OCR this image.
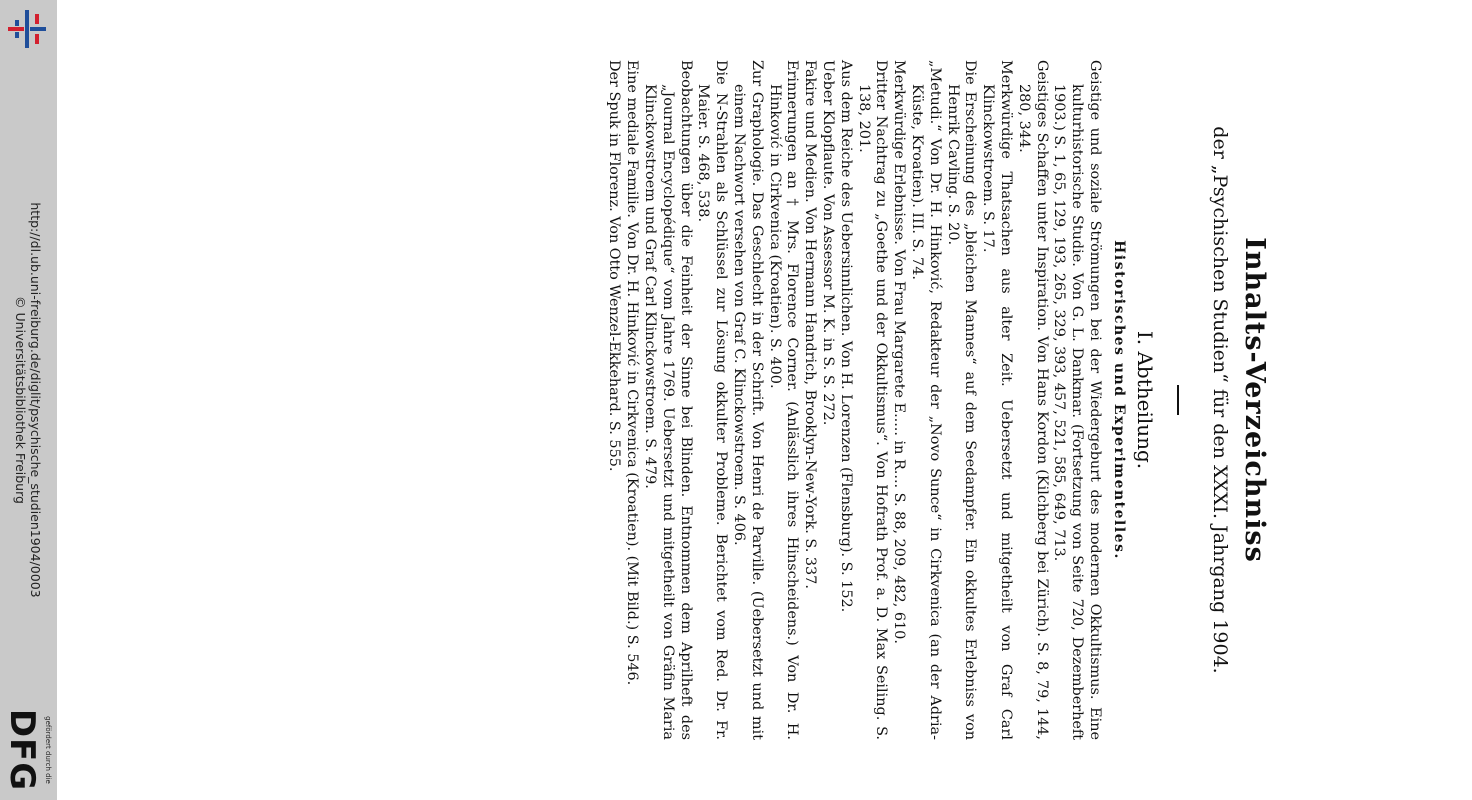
http://dl.ub.uni-freiburg.de/diglit/psychische_studien1904/0003
© Universitätsbibliothek Freiburg
DFG gefördert durch die
Inhalts-Verzeichniss
der „Psychischen Studien“ für den XXXI. Jahrgang 1904.
I. Abtheilung.
Historisches und Experimentelles.
Geistige und soziale Strömungen bei der Wiedergeburt des modernen Okkultismus. Eine kulturhistorische Studie. Von G. L. Dankmar. (Fortsetzung von Seite 720, Dezemberheft 1903.) S. 1, 65, 129, 193, 265, 329, 393, 457, 521, 585, 649, 713.
Geistiges Schaffen unter Inspiration. Von Hans Kordon (Kilchberg bei Zürich). S. 8, 79, 144, 280, 344.
Merkwürdige Thatsachen aus alter Zeit. Uebersetzt und mitgetheilt von Graf Carl Klinckowstroem. S. 17.
Die Erscheinung des „bleichen Mannes“ auf dem Seedampfer. Ein okkultes Erlebniss von Henrik Cavling. S. 20.
„Metudi.“ Von Dr. H. Hinković, Redakteur der „Novo Sunce“ in Cirkvenica (an der Adria-Küste, Kroatien). III. S. 74.
Merkwürdige Erlebnisse. Von Frau Margarete E..... in R.... S. 88, 209, 482, 610.
Dritter Nachtrag zu „Goethe und der Okkultismus“. Von Hofrath Prof. a. D. Max Seiling. S. 138, 201.
Aus dem Reiche des Uebersinnlichen. Von H. Lorenzen (Flensburg). S. 152.
Ueber Klopflaute. Von Assessor M. K. in S. S. 272.
Fakire und Medien. Von Hermann Handrich, Brooklyn-New-York. S. 337.
Erinnerungen an † Mrs. Florence Corner. (Anlässlich ihres Hinscheidens.) Von Dr. H. Hinković in Cirkvenica (Kroatien). S. 400.
Zur Graphologie. Das Geschlecht in der Schrift. Von Henri de Parville. (Uebersetzt und mit einem Nachwort versehen von Graf C. Klinckowstroem. S. 406.
Die N-Strahlen als Schlüssel zur Lösung okkulter Probleme. Berichtet vom Red. Dr. Fr. Maier. S. 468, 538.
Beobachtungen über die Feinheit der Sinne bei Blinden. Entnommen dem Aprilheft des „Journal Encyclopédique“ vom Jahre 1769. Uebersetzt und mitgetheilt von Gräfin Maria Klinckowstroem und Graf Carl Klinckowstroem. S. 479.
Eine mediale Familie. Von Dr. H. Hinković in Cirkvenica (Kroatien). (Mit Bild.) S. 546.
Der Spuk in Florenz. Von Otto Wenzel-Ekkehard. S. 555.
